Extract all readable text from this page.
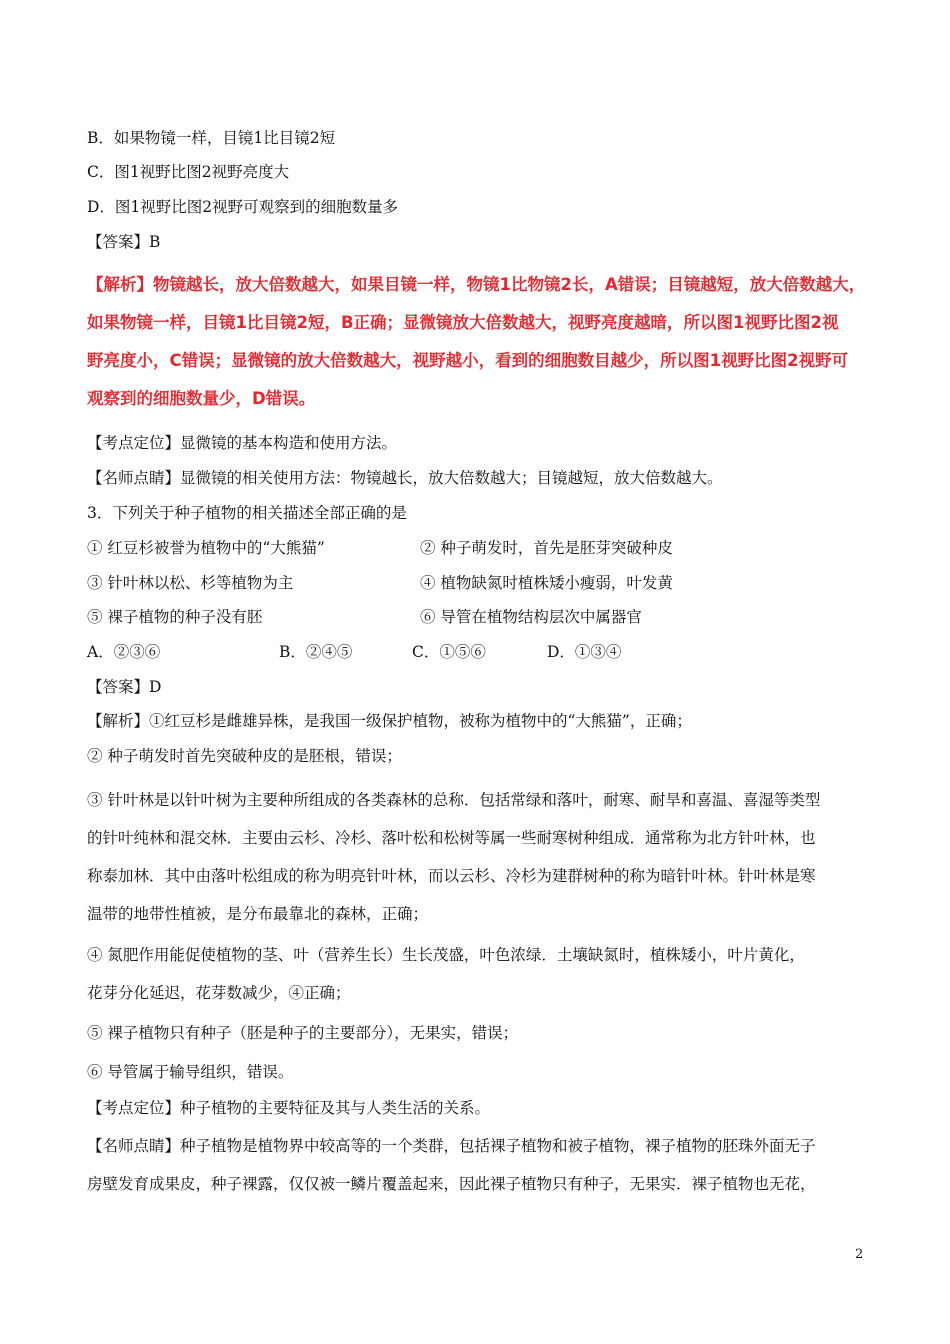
B．如果物镜一样，目镜1比目镜2短
C．图1视野比图2视野亮度大
D．图1视野比图2视野可观察到的细胞数量多
【答案】B
【解析】物镜越长，放大倍数越大，如果目镜一样，物镜1比物镜2长，A错误；目镜越短，放大倍数越大，
如果物镜一样，目镜1比目镜2短，B正确；显微镜放大倍数越大，视野亮度越暗，所以图1视野比图2视
野亮度小，C错误；显微镜的放大倍数越大，视野越小，看到的细胞数目越少，所以图1视野比图2视野可
观察到的细胞数量少，D错误。
【考点定位】显微镜的基本构造和使用方法。
【名师点睛】显微镜的相关使用方法：物镜越长，放大倍数越大；目镜越短，放大倍数越大。
3．下列关于种子植物的相关描述全部正确的是
① 红豆杉被誉为植物中的“大熊猫”	② 种子萌发时，首先是胚芽突破种皮
③ 针叶林以松、杉等植物为主	④ 植物缺氮时植株矮小瘦弱，叶发黄
⑤ 裸子植物的种子没有胚	⑥ 导管在植物结构层次中属器官
A．②③⑥	B．②④⑤	C．①⑤⑥	D．①③④
【答案】D
【解析】①红豆杉是雌雄异株，是我国一级保护植物，被称为植物中的“大熊猫”，正确；
② 种子萌发时首先突破种皮的是胚根，错误；
③ 针叶林是以针叶树为主要种所组成的各类森林的总称．包括常绿和落叶，耐寒、耐旱和喜温、喜湿等类型
的针叶纯林和混交林．主要由云杉、冷杉、落叶松和松树等属一些耐寒树种组成．通常称为北方针叶林，也
称泰加林．其中由落叶松组成的称为明亮针叶林，而以云杉、冷杉为建群树种的称为暗针叶林。针叶林是寒
温带的地带性植被，是分布最靠北的森林，正确；
④ 氮肥作用能促使植物的茎、叶（营养生长）生长茂盛，叶色浓绿．土壤缺氮时，植株矮小，叶片黄化，
花芽分化延迟，花芽数减少，④正确；
⑤ 裸子植物只有种子（胚是种子的主要部分），无果实，错误；
⑥ 导管属于输导组织，错误。
【考点定位】种子植物的主要特征及其与人类生活的关系。
【名师点睛】种子植物是植物界中较高等的一个类群，包括裸子植物和被子植物，裸子植物的胚珠外面无子
房壁发育成果皮，种子裸露，仅仅被一鳞片覆盖起来，因此裸子植物只有种子，无果实．裸子植物也无花，
2
